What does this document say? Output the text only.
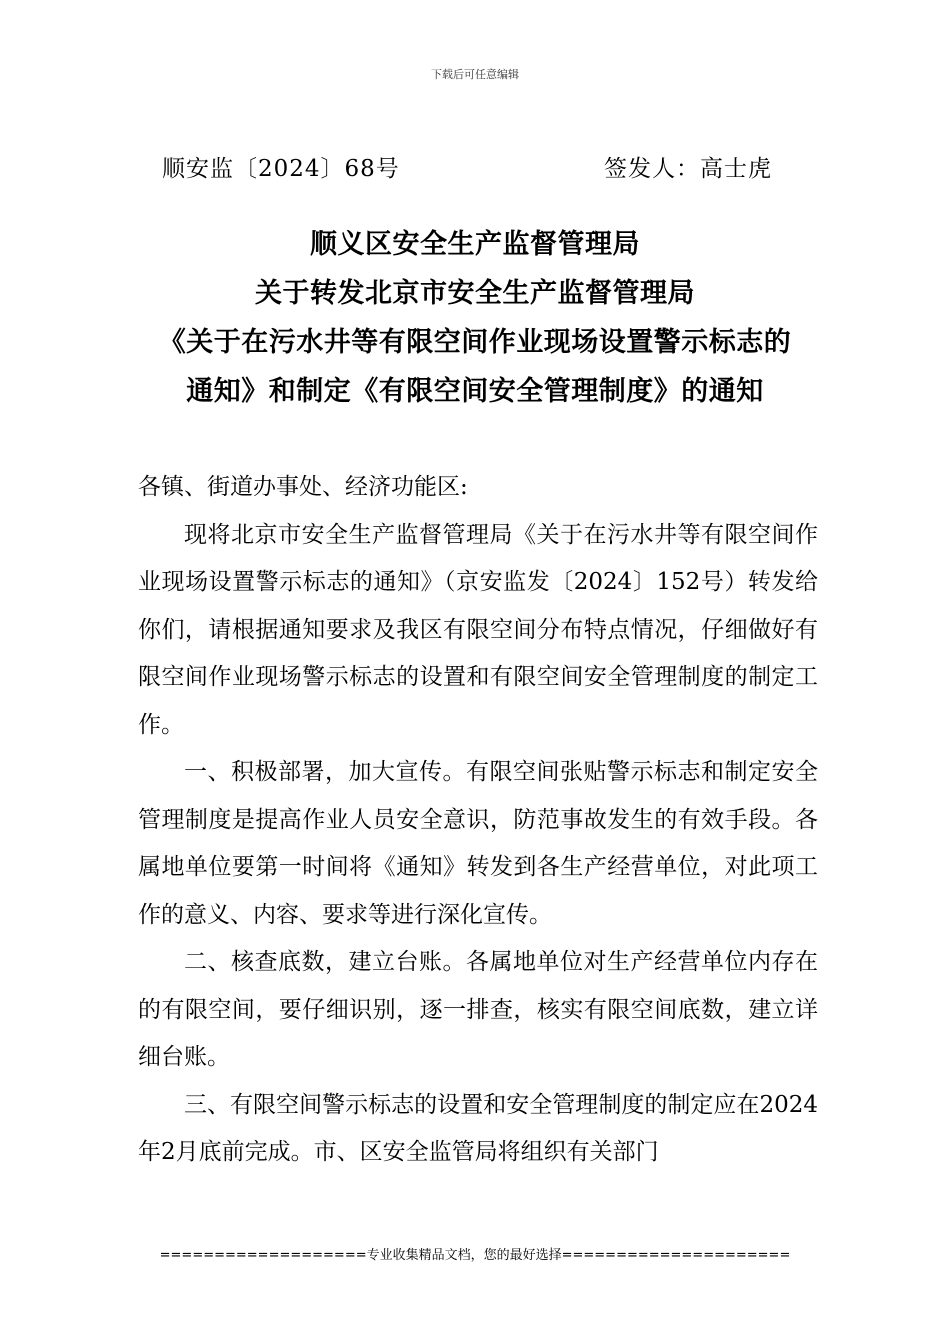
下载后可任意编辑
顺安监〔2024〕68号	签发人：高士虎
顺义区安全生产监督管理局
关于转发北京市安全生产监督管理局
《关于在污水井等有限空间作业现场设置警示标志的
通知》和制定《有限空间安全管理制度》的通知

各镇、街道办事处、经济功能区:

现将北京市安全生产监督管理局《关于在污水井等有限空间作业现场设置警示标志的通知》（京安监发〔2024〕152号）转发给你们，请根据通知要求及我区有限空间分布特点情况，仔细做好有限空间作业现场警示标志的设置和有限空间安全管理制度的制定工作。

一、积极部署，加大宣传。有限空间张贴警示标志和制定安全管理制度是提高作业人员安全意识，防范事故发生的有效手段。各属地单位要第一时间将《通知》转发到各生产经营单位，对此项工作的意义、内容、要求等进行深化宣传。

二、核查底数，建立台账。各属地单位对生产经营单位内存在的有限空间，要仔细识别，逐一排查，核实有限空间底数，建立详细台账。

三、有限空间警示标志的设置和安全管理制度的制定应在2024年2月底前完成。市、区安全监管局将组织有关部门

===================专业收集精品文档，您的最好选择=====================
